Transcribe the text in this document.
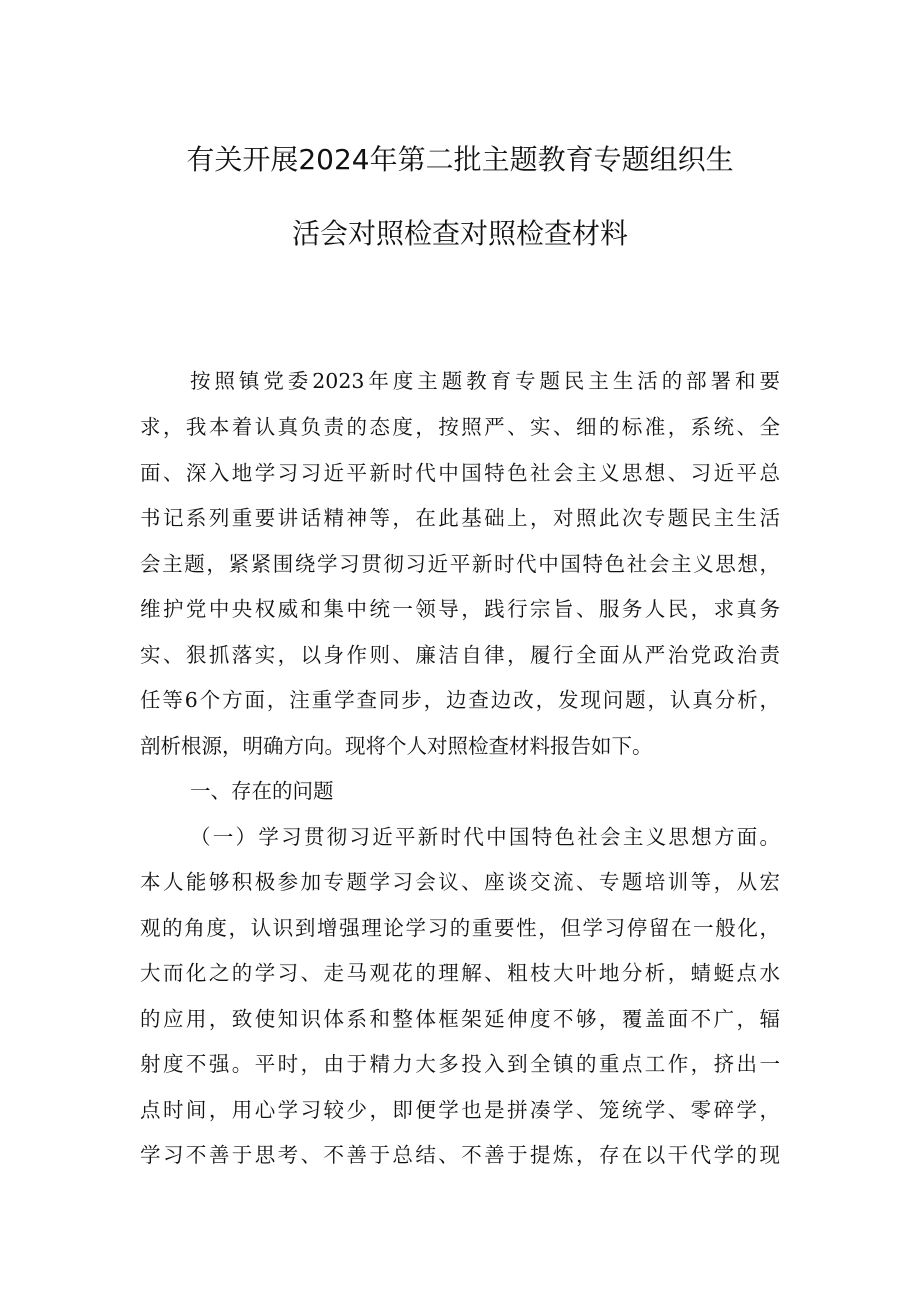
有关开展2024年第二批主题教育专题组织生
活会对照检查对照检查材料
按照镇党委2023年度主题教育专题民主生活的部署和要
求，我本着认真负责的态度，按照严、实、细的标准，系统、全
面、深入地学习习近平新时代中国特色社会主义思想、习近平总
书记系列重要讲话精神等，在此基础上，对照此次专题民主生活
会主题，紧紧围绕学习贯彻习近平新时代中国特色社会主义思想，
维护党中央权威和集中统一领导，践行宗旨、服务人民，求真务
实、狠抓落实，以身作则、廉洁自律，履行全面从严治党政治责
任等6个方面，注重学查同步，边查边改，发现问题，认真分析，
剖析根源，明确方向。现将个人对照检查材料报告如下。
一、存在的问题
（一）学习贯彻习近平新时代中国特色社会主义思想方面。
本人能够积极参加专题学习会议、座谈交流、专题培训等，从宏
观的角度，认识到增强理论学习的重要性，但学习停留在一般化，
大而化之的学习、走马观花的理解、粗枝大叶地分析，蜻蜓点水
的应用，致使知识体系和整体框架延伸度不够，覆盖面不广，辐
射度不强。平时，由于精力大多投入到全镇的重点工作，挤出一
点时间，用心学习较少，即便学也是拼凑学、笼统学、零碎学，
学习不善于思考、不善于总结、不善于提炼，存在以干代学的现
